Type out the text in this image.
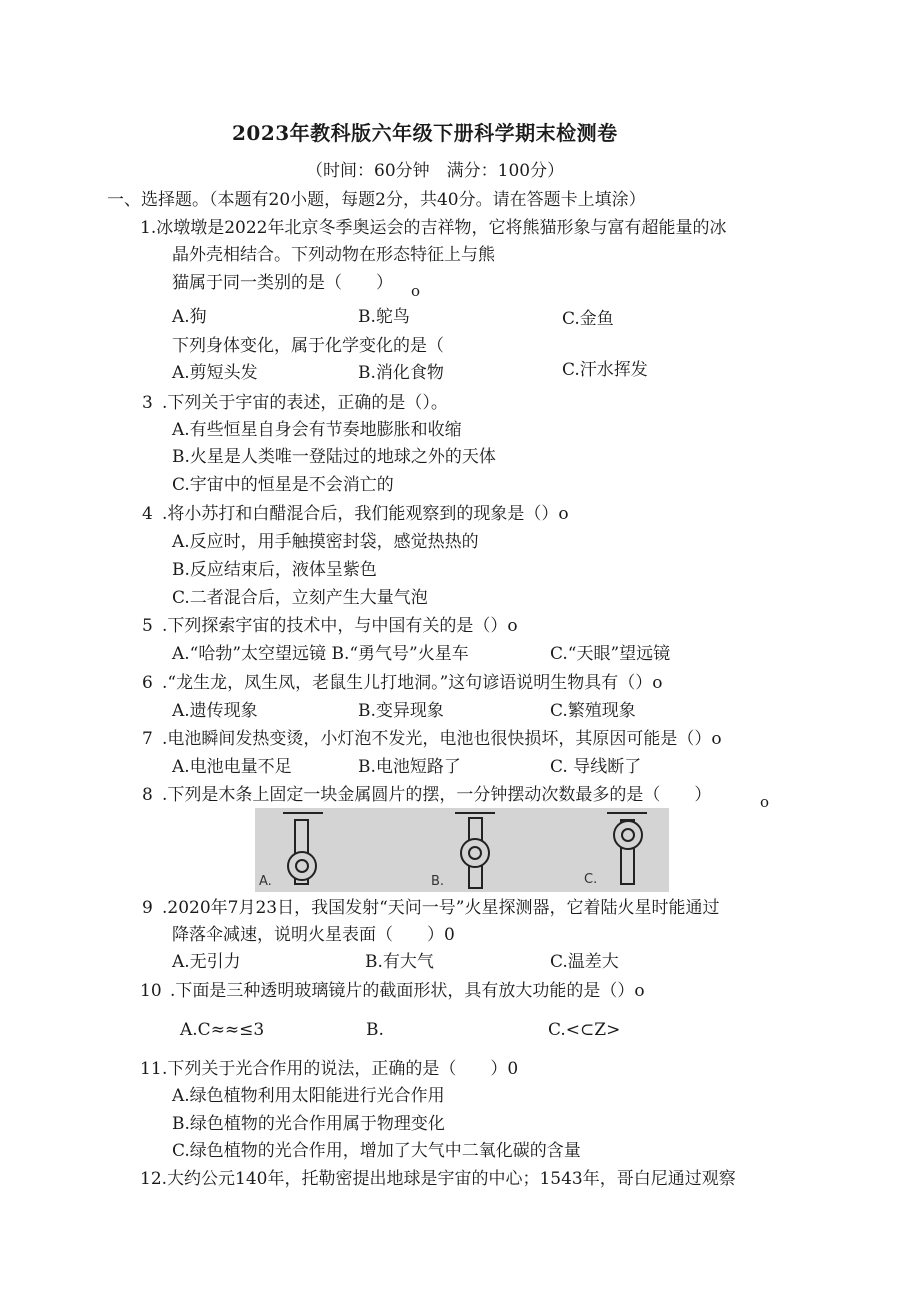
2023年教科版六年级下册科学期末检测卷
（时间：60分钟　满分：100分）
一、选择题。（本题有20小题，每题2分，共40分。请在答题卡上填涂）
1.冰墩墩是2022年北京冬季奥运会的吉祥物，它将熊猫形象与富有超能量的冰
晶外壳相结合。下列动物在形态特征上与熊
猫属于同一类别的是（　　） o
A.狗	B.鸵鸟	C.金鱼
下列身体变化，属于化学变化的是（
A.剪短头发	B.消化食物	C.汗水挥发
3 .下列关于宇宙的表述，正确的是（）。
A.有些恒星自身会有节奏地膨胀和收缩
B.火星是人类唯一登陆过的地球之外的天体
C.宇宙中的恒星是不会消亡的
4 .将小苏打和白醋混合后，我们能观察到的现象是（）o
A.反应时，用手触摸密封袋，感觉热热的
B.反应结束后，液体呈紫色
C.二者混合后，立刻产生大量气泡
5 .下列探索宇宙的技术中，与中国有关的是（）o
A.“哈勃”太空望远镜 B.“勇气号”火星车	C.“天眼”望远镜
6 .“龙生龙，凤生凤，老鼠生儿打地洞。”这句谚语说明生物具有（）o
A.遗传现象	B.变异现象	C.繁殖现象
7 .电池瞬间发热变烫，小灯泡不发光，电池也很快损坏，其原因可能是（）o
A.电池电量不足	B.电池短路了	C. 导线断了
8 .下列是木条上固定一块金属圆片的摆，一分钟摆动次数最多的是（　　）	o
A.	B.	C.
9 .2020年7月23日，我国发射“天问一号”火星探测器，它着陆火星时能通过
降落伞减速，说明火星表面（　　）0
A.无引力	B.有大气	C.温差大
10 .下面是三种透明玻璃镜片的截面形状，具有放大功能的是（）o
A.C≈≈≤3	B.	C.<⊂Z>
11 .下列关于光合作用的说法，正确的是（　　）0
A.绿色植物利用太阳能进行光合作用
B.绿色植物的光合作用属于物理变化
C.绿色植物的光合作用，增加了大气中二氧化碳的含量
12.大约公元140年，托勒密提出地球是宇宙的中心；1543年，哥白尼通过观察
